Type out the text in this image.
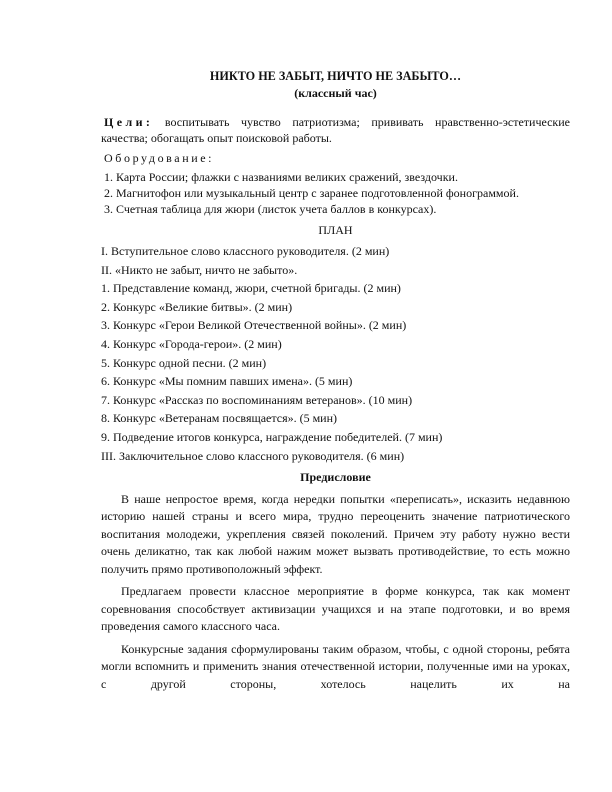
НИКТО НЕ ЗАБЫТ, НИЧТО НЕ ЗАБЫТО…

(классный час)

Цели: воспитывать чувство патриотизма; прививать нравственно-эстетические качества; обогащать опыт поисковой работы.

Оборудование:

1. Карта России; флажки с названиями великих сражений, звездочки.

2. Магнитофон или музыкальный центр с заранее подготовленной фонограммой.

3. Счетная таблица для жюри (листок учета баллов в конкурсах).

ПЛАН

I. Вступительное слово классного руководителя. (2 мин)

II. «Никто не забыт, ничто не забыто».

1. Представление команд, жюри, счетной бригады. (2 мин)

2. Конкурс «Великие битвы». (2 мин)

3. Конкурс «Герои Великой Отечественной войны». (2 мин)

4. Конкурс «Города-герои». (2 мин)

5. Конкурс одной песни. (2 мин)

6. Конкурс «Мы помним павших имена». (5 мин)

7. Конкурс «Рассказ по воспоминаниям ветеранов». (10 мин)

8. Конкурс «Ветеранам посвящается». (5 мин)

9. Подведение итогов конкурса, награждение победителей. (7 мин)

III. Заключительное слово классного руководителя. (6 мин)

Предисловие

В наше непростое время, когда нередки попытки «переписать», исказить недавнюю историю нашей страны и всего мира, трудно переоценить значение патриотического воспитания молодежи, укрепления связей поколений. Причем эту работу нужно вести очень деликатно, так как любой нажим может вызвать противодействие, то есть можно получить прямо противоположный эффект.

Предлагаем провести классное мероприятие в форме конкурса, так как момент соревнования способствует активизации учащихся и на этапе подготовки, и во время проведения самого классного часа.

Конкурсные задания сформулированы таким образом, чтобы, с одной стороны, ребята могли вспомнить и применить знания отечественной истории, полученные ими на уроках, с другой стороны, хотелось нацелить их на
